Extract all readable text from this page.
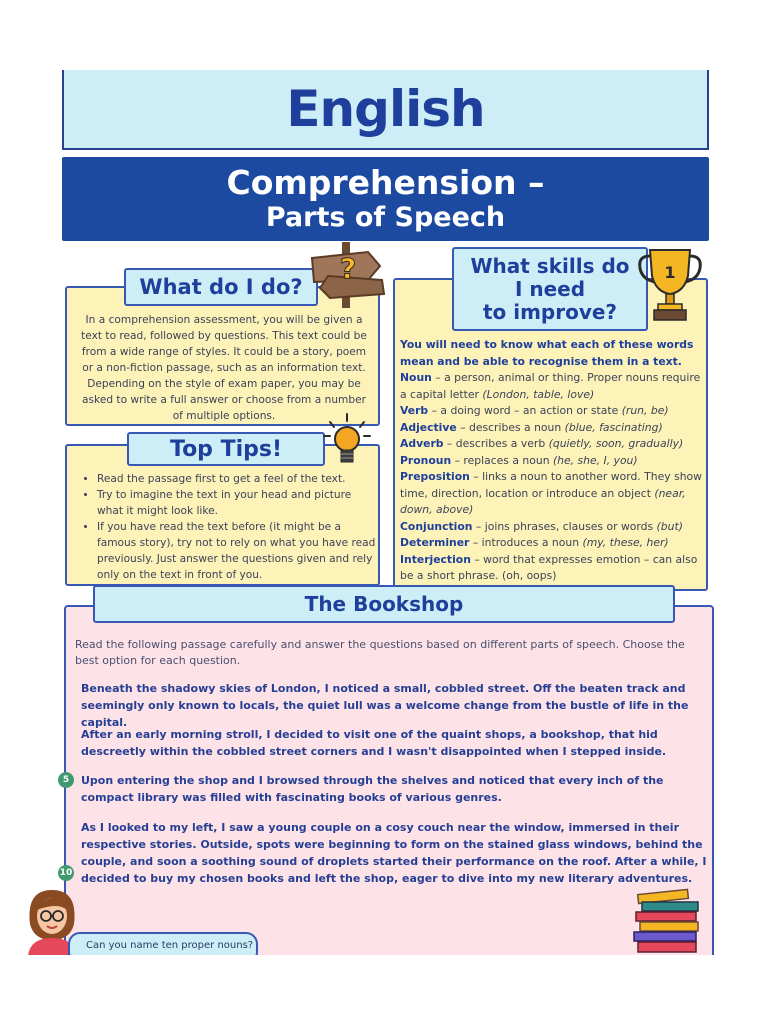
English
Comprehension –
Parts of Speech

In a comprehension assessment, you will be given a text to read, followed by questions. This text could be from a wide range of styles. It could be a story, poem or a non-fiction passage, such as an information text. Depending on the style of exam paper, you may be asked to write a full answer or choose from a number of multiple options.

What do I do?
?
• Read the passage first to get a feel of the text.
• Try to imagine the text in your head and picture what it might look like.
• If you have read the text before (it might be a famous story), try not to rely on what you have read previously. Just answer the questions given and rely only on the text in front of you.
Top Tips!
You will need to know what each of these words mean and be able to recognise them in a text.
Noun – a person, animal or thing. Proper nouns require a capital letter (London, table, love)
Verb – a doing word – an action or state (run, be)
Adjective – describes a noun (blue, fascinating)
Adverb – describes a verb (quietly, soon, gradually)
Pronoun – replaces a noun (he, she, I, you)
Preposition – links a noun to another word. They show time, direction, location or introduce an object (near, down, above)
Conjunction – joins phrases, clauses or words (but)
Determiner – introduces a noun (my, these, her)
Interjection – word that expresses emotion – can also be a short phrase. (oh, oops)
What skills do
I need
to improve?
1

Read the following passage carefully and answer the questions based on different parts of speech. Choose the best option for each question.

Beneath the shadowy skies of London, I noticed a small, cobbled street. Off the beaten track and seemingly only known to locals, the quiet lull was a welcome change from the bustle of life in the capital.

After an early morning stroll, I decided to visit one of the quaint shops, a bookshop, that hid descreetly within the cobbled street corners and I wasn't disappointed when I stepped inside.

Upon entering the shop and I browsed through the shelves and noticed that every inch of the compact library was filled with fascinating books of various genres.

As I looked to my left, I saw a young couple on a cosy couch near the window, immersed in their respective stories. Outside, spots were beginning to form on the stained glass windows, behind the couple, and soon a soothing sound of droplets started their performance on the roof. After a while, I decided to buy my chosen books and left the shop, eager to dive into my new literary adventures.

The Bookshop
5
10
Can you name ten proper nouns?
